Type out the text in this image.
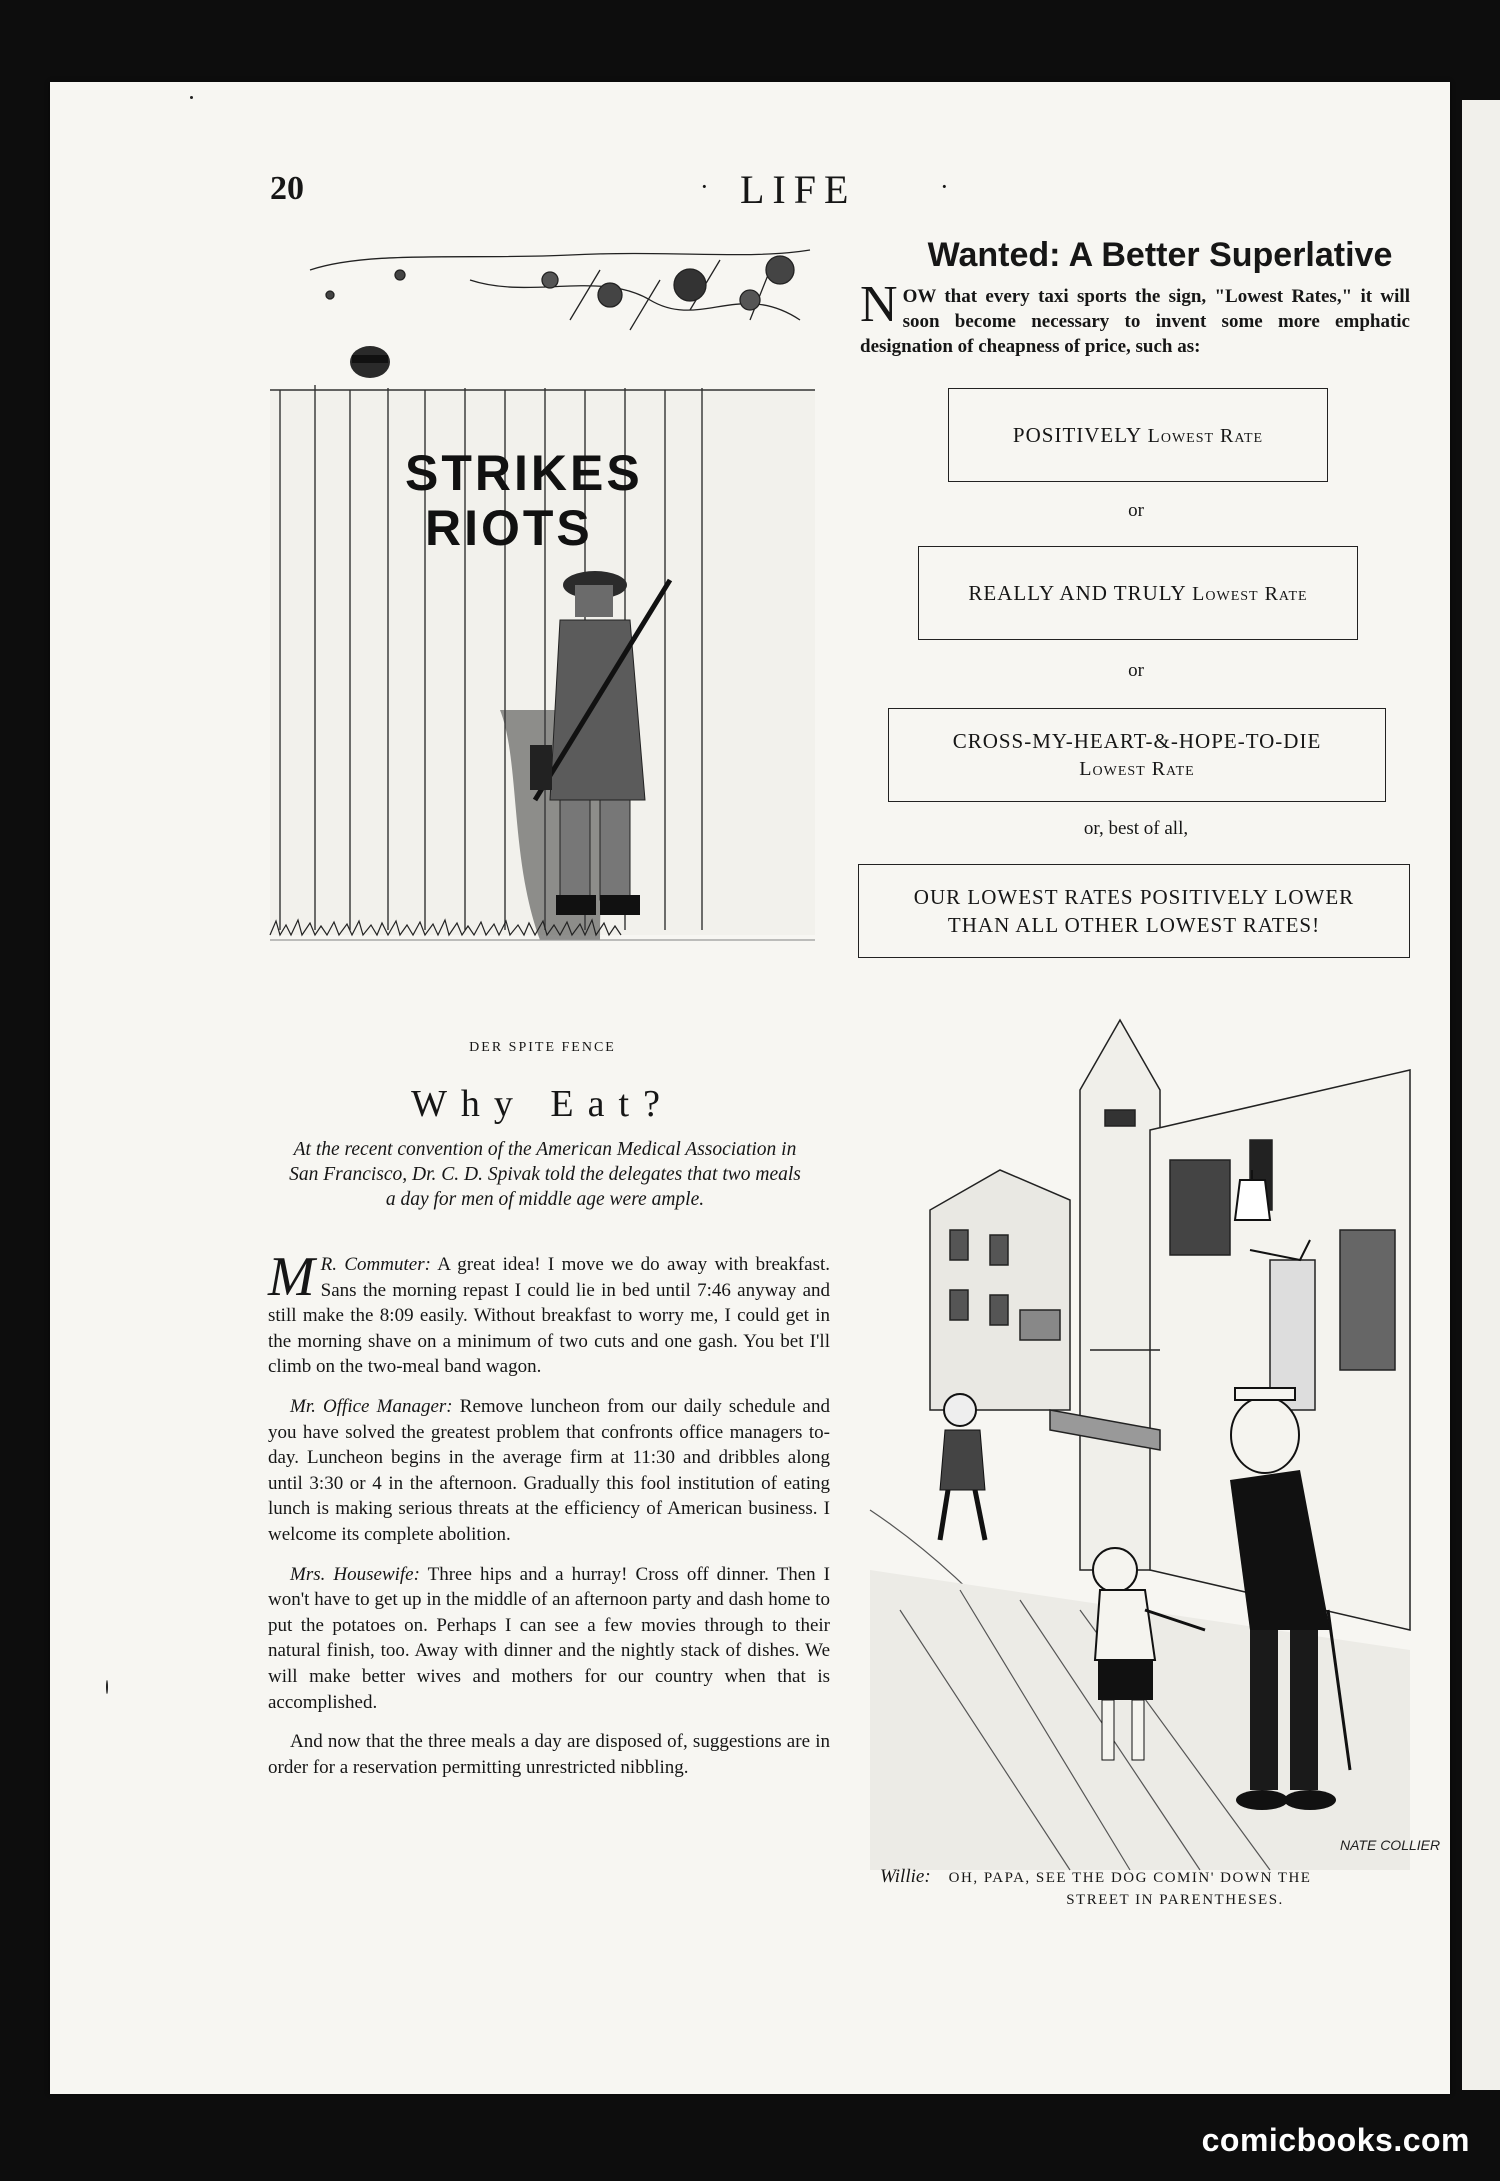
20	· LIFE	·
STRIKES
RIOTS
DER SPITE FENCE
Why Eat?
At the recent convention of the American Medical Association in San Francisco, Dr. C. D. Spivak told the delegates that two meals a day for men of middle age were ample.

M R. Commuter: A great idea! I move we do away with breakfast. Sans the morning repast I could lie in bed until 7:46 anyway and still make the 8:09 easily. Without breakfast to worry me, I could get in the morning shave on a minimum of two cuts and one gash. You bet I'll climb on the two-meal band wagon.

Mr. Office Manager: Remove luncheon from our daily schedule and you have solved the greatest problem that confronts office managers to-day. Luncheon begins in the average firm at 11:30 and dribbles along until 3:30 or 4 in the afternoon. Gradually this fool institution of eating lunch is making serious threats at the efficiency of American business. I welcome its complete abolition.

Mrs. Housewife: Three hips and a hurray! Cross off dinner. Then I won't have to get up in the middle of an afternoon party and dash home to put the potatoes on. Perhaps I can see a few movies through to their natural finish, too. Away with dinner and the nightly stack of dishes. We will make better wives and mothers for our country when that is accomplished.

And now that the three meals a day are disposed of, suggestions are in order for a reservation permitting unrestricted nibbling.

Wanted: A Better Superlative
NOW that every taxi sports the sign, "Lowest Rates," it will soon become necessary to invent some more emphatic designation of cheapness of price, such as:
POSITIVELY Lowest Rate
or
REALLY AND TRULY Lowest Rate
or
CROSS-MY-HEART-&-HOPE-TO-DIE
Lowest Rate
or, best of all,
OUR LOWEST RATES POSITIVELY LOWER
THAN ALL OTHER LOWEST RATES!
NATE COLLIER
Willie: OH, PAPA, SEE THE DOG COMIN' DOWN THE
STREET IN PARENTHESES.
comicbooks.com
